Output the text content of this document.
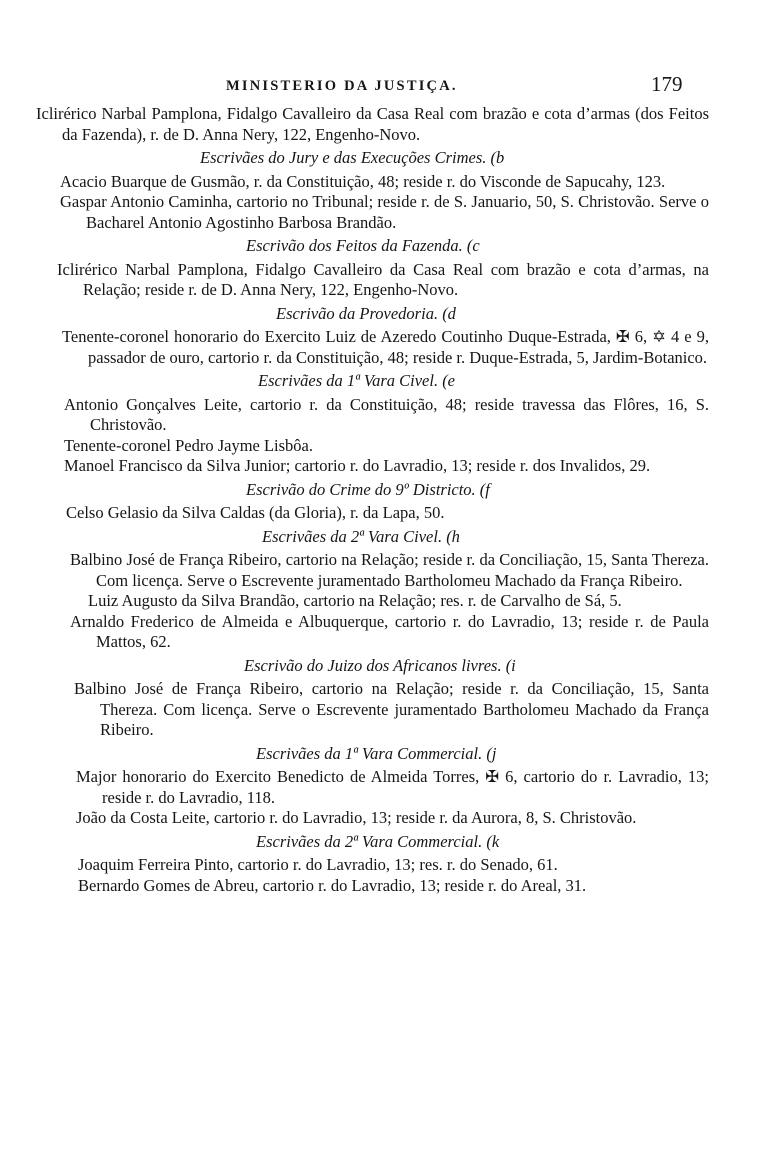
MINISTERIO DA JUSTIÇA.	179

Iclirérico Narbal Pamplona, Fidalgo Cavalleiro da Casa Real com brazão e cota d’armas (dos Feitos da Fazenda), r. de D. Anna Nery, 122, Engenho-Novo.

Escrivães do Jury e das Execuções Crimes. (b

Acacio Buarque de Gusmão, r. da Constituição, 48; reside r. do Visconde de Sapucahy, 123.

Gaspar Antonio Caminha, cartorio no Tribunal; reside r. de S. Januario, 50, S. Christovão. Serve o Bacharel Antonio Agostinho Barbosa Brandão.

Escrivão dos Feitos da Fazenda. (c

Iclirérico Narbal Pamplona, Fidalgo Cavalleiro da Casa Real com brazão e cota d’armas, na Relação; reside r. de D. Anna Nery, 122, Engenho-Novo.

Escrivão da Provedoria. (d

Tenente-coronel honorario do Exercito Luiz de Azeredo Coutinho Duque-Estrada, ✠ 6, ✡ 4 e 9, passador de ouro, cartorio r. da Constituição, 48; reside r. Duque-Estrada, 5, Jardim-Botanico.

Escrivães da 1ª Vara Civel. (e

Antonio Gonçalves Leite, cartorio r. da Constituição, 48; reside travessa das Flôres, 16, S. Christovão.

Tenente-coronel Pedro Jayme Lisbôa.

Manoel Francisco da Silva Junior; cartorio r. do Lavradio, 13; reside r. dos Invalidos, 29.

Escrivão do Crime do 9º Districto. (f

Celso Gelasio da Silva Caldas (da Gloria), r. da Lapa, 50.

Escrivães da 2ª Vara Civel. (h

Balbino José de França Ribeiro, cartorio na Relação; reside r. da Conciliação, 15, Santa Thereza. Com licença. Serve o Escrevente juramentado Bartholomeu Machado da França Ribeiro.

Luiz Augusto da Silva Brandão, cartorio na Relação; res. r. de Carvalho de Sá, 5.

Arnaldo Frederico de Almeida e Albuquerque, cartorio r. do Lavradio, 13; reside r. de Paula Mattos, 62.

Escrivão do Juizo dos Africanos livres. (i

Balbino José de França Ribeiro, cartorio na Relação; reside r. da Conciliação, 15, Santa Thereza. Com licença. Serve o Escrevente juramentado Bartholomeu Machado da França Ribeiro.

Escrivães da 1ª Vara Commercial. (j

Major honorario do Exercito Benedicto de Almeida Torres, ✠ 6, cartorio do r. Lavradio, 13; reside r. do Lavradio, 118.

João da Costa Leite, cartorio r. do Lavradio, 13; reside r. da Aurora, 8, S. Christovão.

Escrivães da 2ª Vara Commercial. (k

Joaquim Ferreira Pinto, cartorio r. do Lavradio, 13; res. r. do Senado, 61.

Bernardo Gomes de Abreu, cartorio r. do Lavradio, 13; reside r. do Areal, 31.
